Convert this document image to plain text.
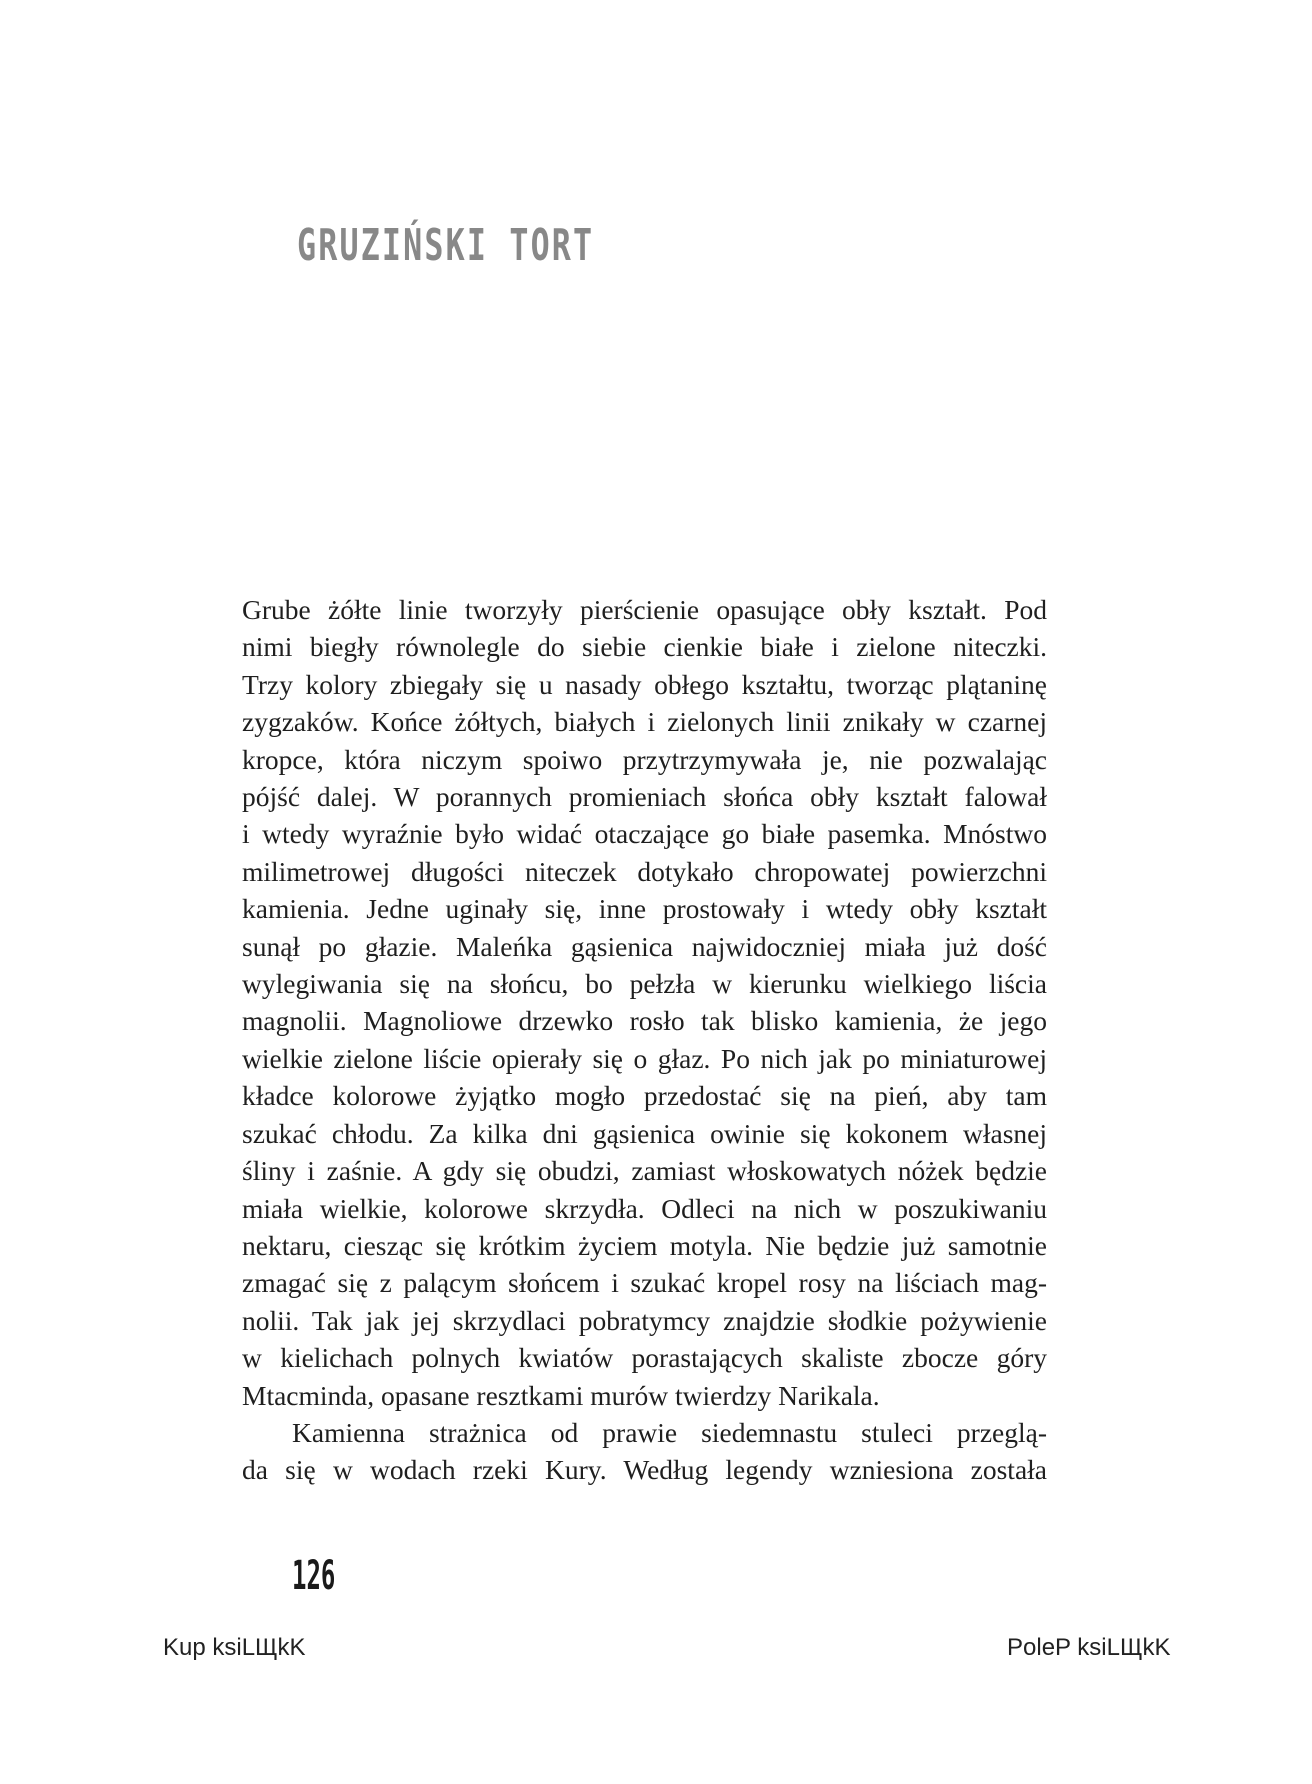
GRUZIŃSKI TORT

Grube żółte linie tworzyły pierścienie opasujące obły kształt. Pod
nimi biegły równolegle do siebie cienkie białe i zielone niteczki.
Trzy kolory zbiegały się u nasady obłego kształtu, tworząc plątaninę
zygzaków. Końce żółtych, białych i zielonych linii znikały w czarnej
kropce, która niczym spoiwo przytrzymywała je, nie pozwalając
pójść dalej. W porannych promieniach słońca obły kształt falował
i wtedy wyraźnie było widać otaczające go białe pasemka. Mnóstwo
milimetrowej długości niteczek dotykało chropowatej powierzchni
kamienia. Jedne uginały się, inne prostowały i wtedy obły kształt
sunął po głazie. Maleńka gąsienica najwidoczniej miała już dość
wylegiwania się na słońcu, bo pełzła w kierunku wielkiego liścia
magnolii. Magnoliowe drzewko rosło tak blisko kamienia, że jego
wielkie zielone liście opierały się o głaz. Po nich jak po miniaturowej
kładce kolorowe żyjątko mogło przedostać się na pień, aby tam
szukać chłodu. Za kilka dni gąsienica owinie się kokonem własnej
śliny i zaśnie. A gdy się obudzi, zamiast włoskowatych nóżek będzie
miała wielkie, kolorowe skrzydła. Odleci na nich w poszukiwaniu
nektaru, ciesząc się krótkim życiem motyla. Nie będzie już samotnie
zmagać się z palącym słońcem i szukać kropel rosy na liściach mag-
nolii. Tak jak jej skrzydlaci pobratymcy znajdzie słodkie pożywienie
w kielichach polnych kwiatów porastających skaliste zbocze góry
Mtacminda, opasane resztkami murów twierdzy Narikala.

Kamienna strażnica od prawie siedemnastu stuleci przeglą-
da się w wodach rzeki Kury. Według legendy wzniesiona została

126
Kup ksiLЩkK	PoleP ksiLЩkK
